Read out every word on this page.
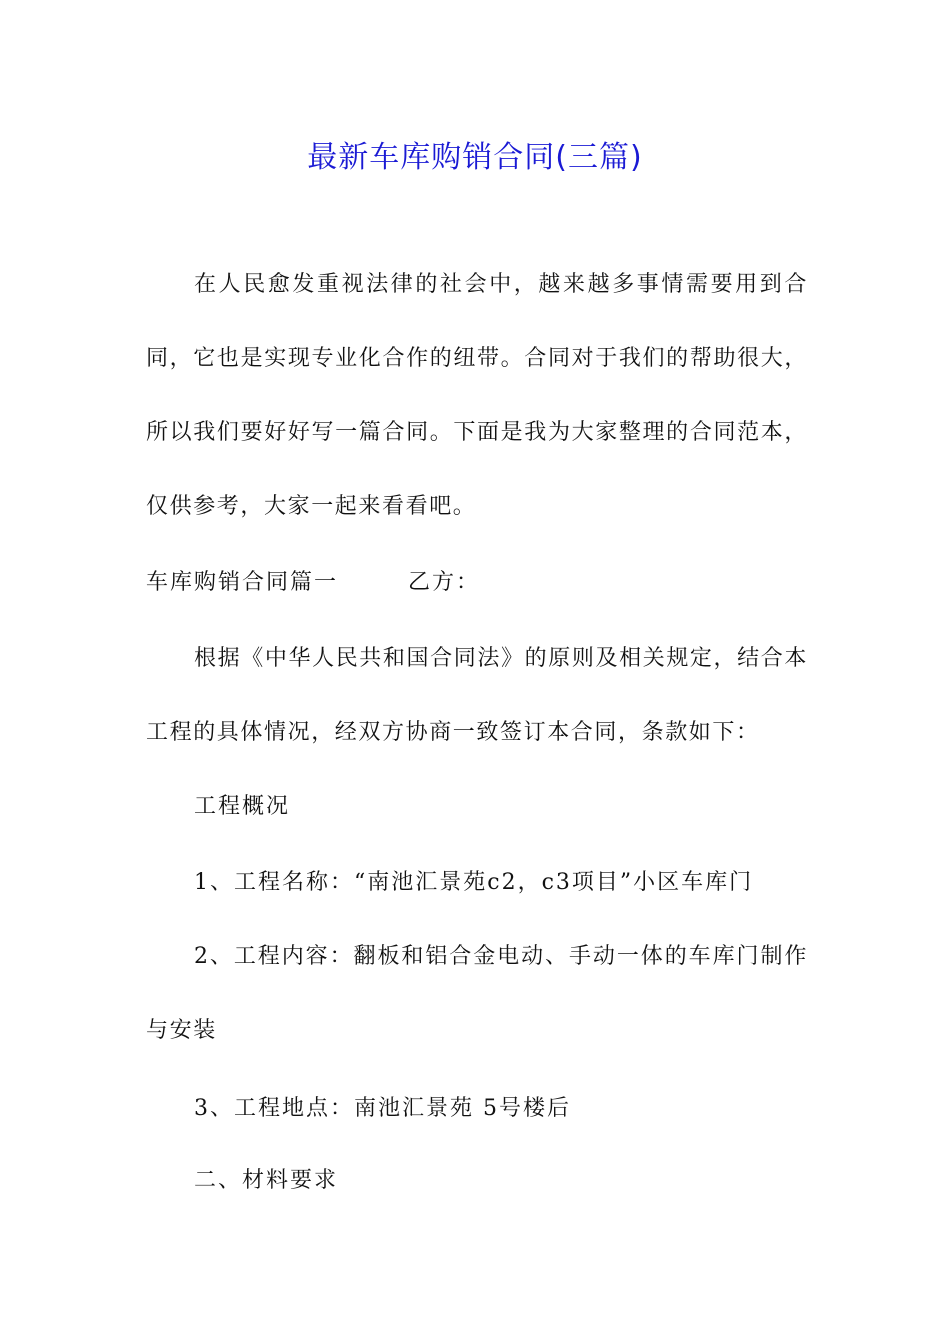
最新车库购销合同(三篇)

在人民愈发重视法律的社会中，越来越多事情需要用到合同，它也是实现专业化合作的纽带。合同对于我们的帮助很大，所以我们要好好写一篇合同。下面是我为大家整理的合同范本，仅供参考，大家一起来看看吧。

车库购销合同篇一	乙方：

根据《中华人民共和国合同法》的原则及相关规定，结合本工程的具体情况，经双方协商一致签订本合同，条款如下：

工程概况

1、工程名称：“南池汇景苑c2，c3项目”小区车库门

2、工程内容：翻板和铝合金电动、手动一体的车库门制作与安装

3、工程地点：南池汇景苑 5号楼后

二、材料要求
